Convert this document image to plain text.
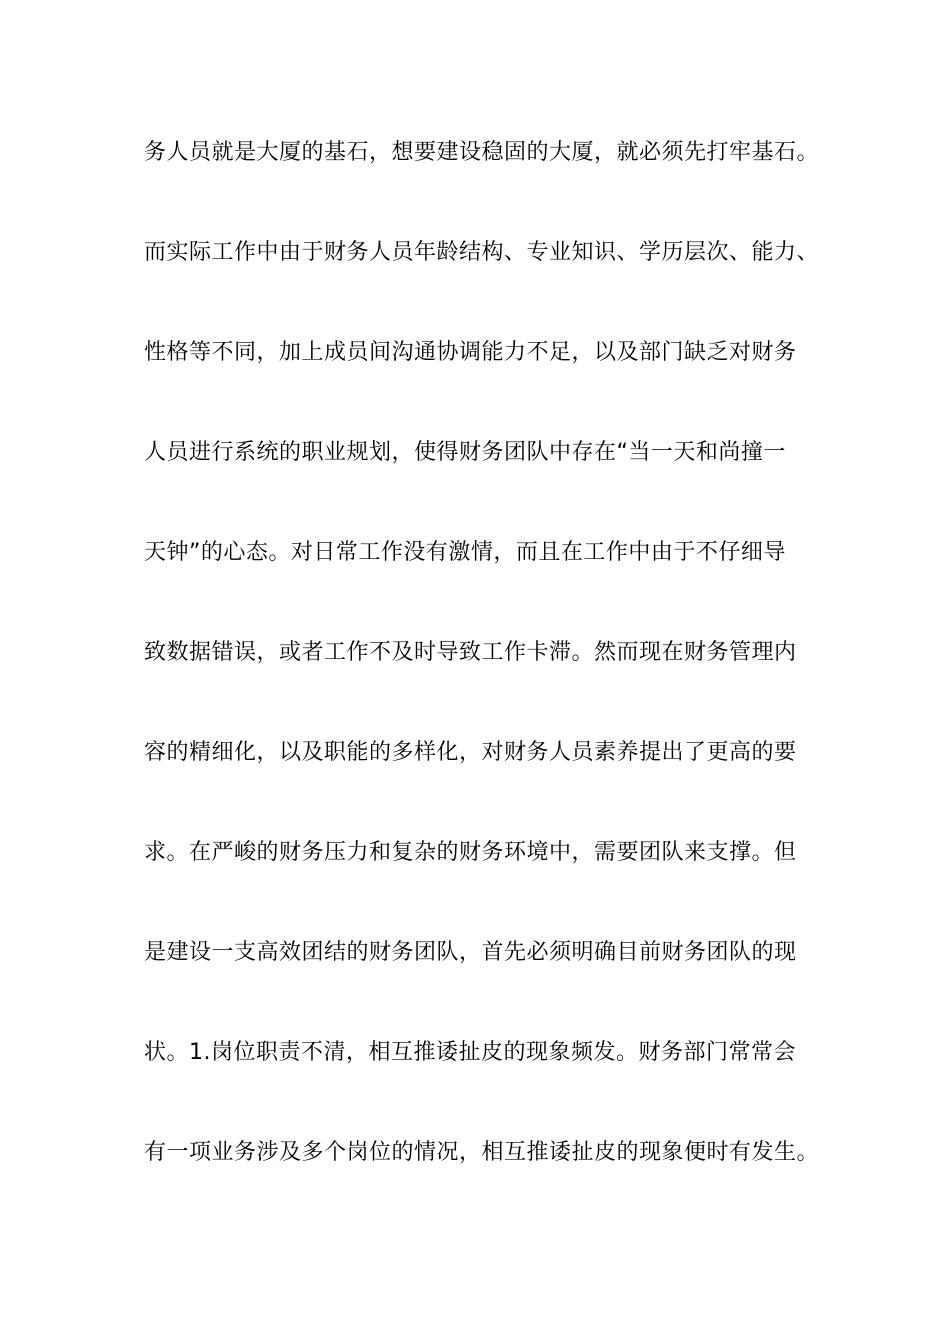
务人员就是大厦的基石，想要建设稳固的大厦，就必须先打牢基石。
而实际工作中由于财务人员年龄结构、专业知识、学历层次、能力、
性格等不同，加上成员间沟通协调能力不足，以及部门缺乏对财务
人员进行系统的职业规划，使得财务团队中存在“当一天和尚撞一
天钟”的心态。对日常工作没有激情，而且在工作中由于不仔细导
致数据错误，或者工作不及时导致工作卡滞。然而现在财务管理内
容的精细化，以及职能的多样化，对财务人员素养提出了更高的要
求。在严峻的财务压力和复杂的财务环境中，需要团队来支撑。但
是建设一支高效团结的财务团队，首先必须明确目前财务团队的现
状。1.岗位职责不清，相互推诿扯皮的现象频发。财务部门常常会
有一项业务涉及多个岗位的情况，相互推诿扯皮的现象便时有发生。
